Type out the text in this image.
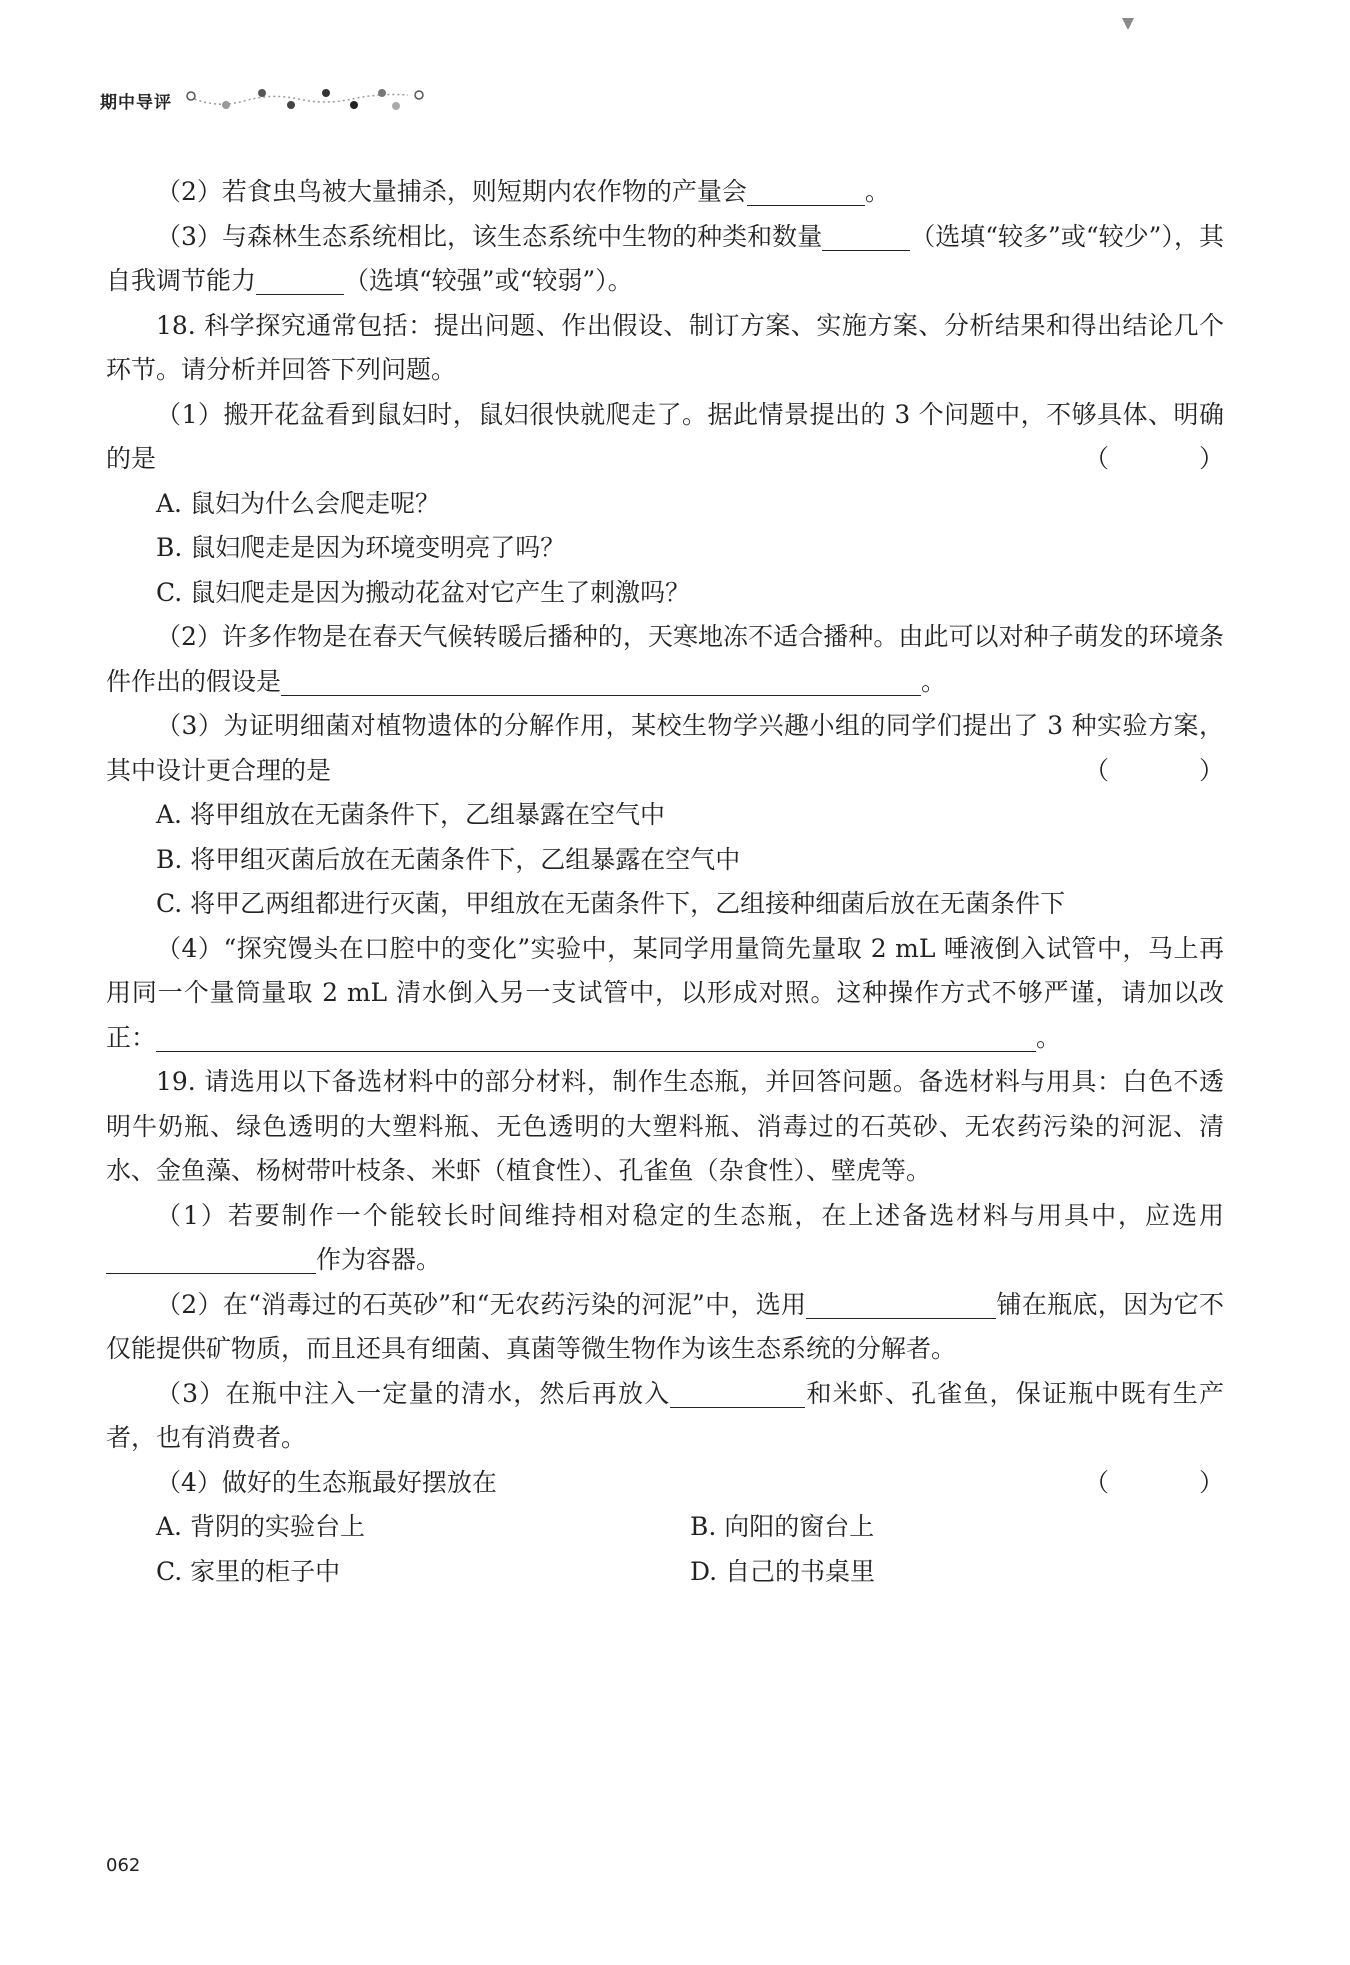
期中导评

（2）若食虫鸟被大量捕杀，则短期内农作物的产量会	。

（3）与森林生态系统相比，该生态系统中生物的种类和数量	（选填“较多”或“较少”），其自我调节能力	（选填“较强”或“较弱”）。

18. 科学探究通常包括：提出问题、作出假设、制订方案、实施方案、分析结果和得出结论几个环节。请分析并回答下列问题。

（1）搬开花盆看到鼠妇时，鼠妇很快就爬走了。据此情景提出的 3 个问题中，不够具体、明确的是	（	）

A. 鼠妇为什么会爬走呢？

B. 鼠妇爬走是因为环境变明亮了吗？

C. 鼠妇爬走是因为搬动花盆对它产生了刺激吗？

（2）许多作物是在春天气候转暖后播种的，天寒地冻不适合播种。由此可以对种子萌发的环境条件作出的假设是	。

（3）为证明细菌对植物遗体的分解作用，某校生物学兴趣小组的同学们提出了 3 种实验方案，其中设计更合理的是	（	）

A. 将甲组放在无菌条件下，乙组暴露在空气中

B. 将甲组灭菌后放在无菌条件下，乙组暴露在空气中

C. 将甲乙两组都进行灭菌，甲组放在无菌条件下，乙组接种细菌后放在无菌条件下

（4）“探究馒头在口腔中的变化”实验中，某同学用量筒先量取 2 mL 唾液倒入试管中，马上再用同一个量筒量取 2 mL 清水倒入另一支试管中，以形成对照。这种操作方式不够严谨，请加以改正：	。

19. 请选用以下备选材料中的部分材料，制作生态瓶，并回答问题。备选材料与用具：白色不透明牛奶瓶、绿色透明的大塑料瓶、无色透明的大塑料瓶、消毒过的石英砂、无农药污染的河泥、清水、金鱼藻、杨树带叶枝条、米虾（植食性）、孔雀鱼（杂食性）、壁虎等。

（1）若要制作一个能较长时间维持相对稳定的生态瓶，在上述备选材料与用具中，应选用作为容器。

（2）在“消毒过的石英砂”和“无农药污染的河泥”中，选用	铺在瓶底，因为它不仅能提供矿物质，而且还具有细菌、真菌等微生物作为该生态系统的分解者。

（3）在瓶中注入一定量的清水，然后再放入	和米虾、孔雀鱼，保证瓶中既有生产者，也有消费者。

（4）做好的生态瓶最好摆放在	（	）

A. 背阴的实验台上	B. 向阳的窗台上
C. 家里的柜子中	D. 自己的书桌里
062
